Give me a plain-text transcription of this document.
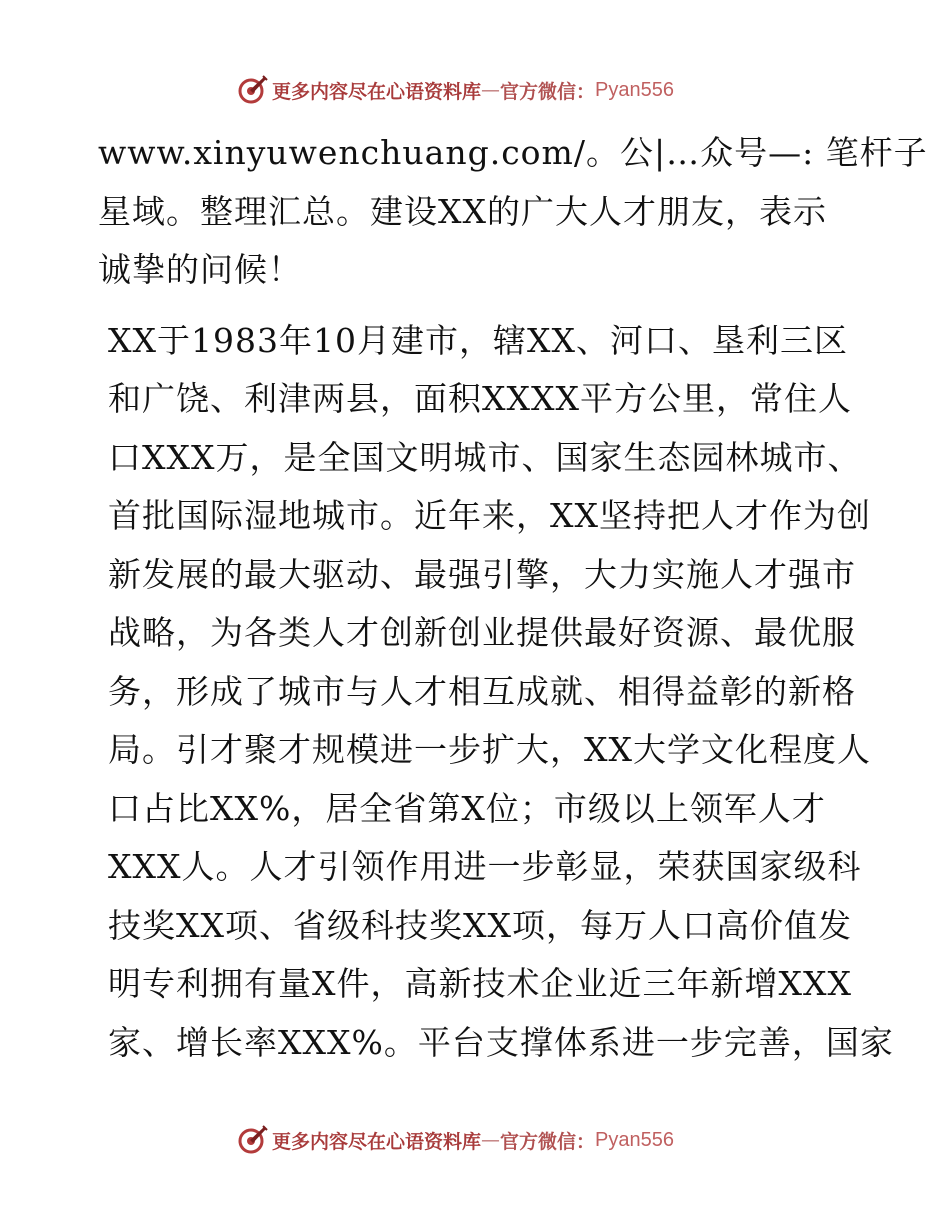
更多内容尽在心语资料库 — 官方微信： Pyan556

www.xinyuwenchuang.com/。公|…众号—: 笔杆子
星域。整理汇总。建设XX的广大人才朋友，表示
诚挚的问候！

XX于1983年10月建市，辖XX、河口、垦利三区
和广饶、利津两县，面积XXXX平方公里，常住人
口XXX万，是全国文明城市、国家生态园林城市、
首批国际湿地城市。近年来，XX坚持把人才作为创
新发展的最大驱动、最强引擎，大力实施人才强市
战略，为各类人才创新创业提供最好资源、最优服
务，形成了城市与人才相互成就、相得益彰的新格
局。引才聚才规模进一步扩大，XX大学文化程度人
口占比XX%，居全省第X位；市级以上领军人才
XXX人。人才引领作用进一步彰显，荣获国家级科
技奖XX项、省级科技奖XX项，每万人口高价值发
明专利拥有量X件，高新技术企业近三年新增XXX
家、增长率XXX%。平台支撑体系进一步完善，国家

更多内容尽在心语资料库 — 官方微信： Pyan556
